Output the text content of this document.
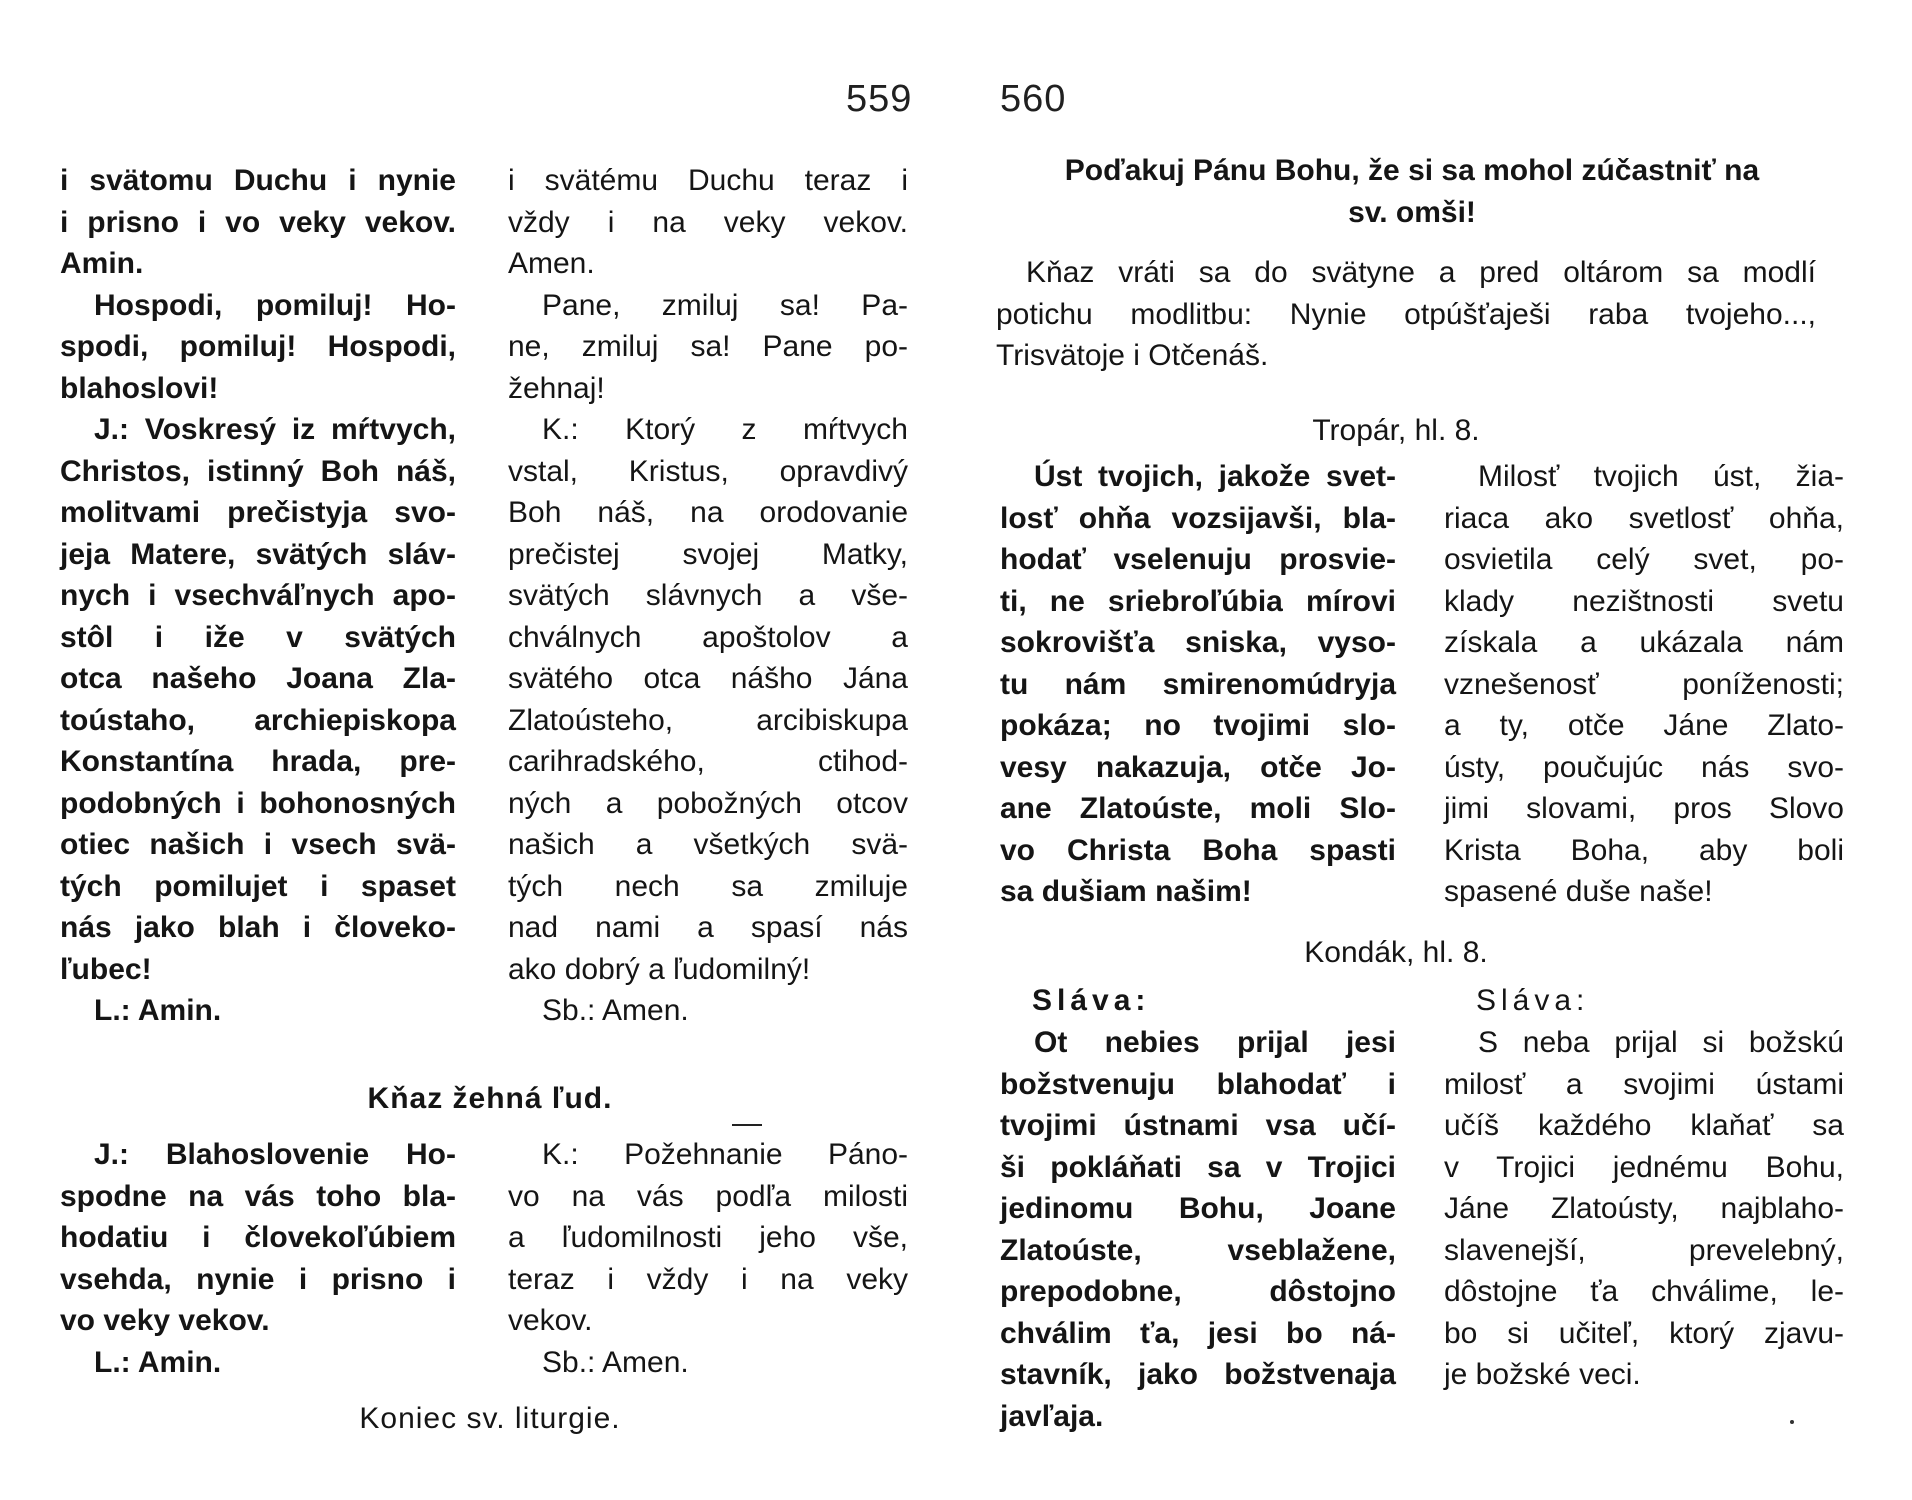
559
i svätomu Duchu i nynie
i prisno i vo veky vekov.
Amin.
Hospodi, pomiluj! Ho-
spodi, pomiluj! Hospodi,
blahoslovi!
J.: Voskresý iz mŕtvych,
Christos, istinný Boh náš,
molitvami prečistyja svo-
jeja Matere, svätých sláv-
nych i vsechváľnych apo-
stôl i iže v svätých
otca našeho Joana Zla-
toústaho, archiepiskopa
Konstantína hrada, pre-
podobných i bohonosných
otiec našich i vsech svä-
tých pomilujet i spaset
nás jako blah i človeko-
ľubec!
L.: Amin.
i svätému Duchu teraz i
vždy i na veky vekov.
Amen.
Pane, zmiluj sa! Pa-
ne, zmiluj sa! Pane po-
žehnaj!
K.: Ktorý z mŕtvych
vstal, Kristus, opravdivý
Boh náš, na orodovanie
prečistej svojej Matky,
svätých slávnych a vše-
chválnych apoštolov a
svätého otca nášho Jána
Zlatoústeho, arcibiskupa
carihradského, ctihod-
ných a pobožných otcov
našich a všetkých svä-
tých nech sa zmiluje
nad nami a spasí nás
ako dobrý a ľudomilný!
Sb.: Amen.
Kňaz žehná ľud.
J.: Blahoslovenie Ho-
spodne na vás toho bla-
hodatiu i človekoľúbiem
vsehda, nynie i prisno i
vo veky vekov.
L.: Amin.
K.: Požehnanie Páno-
vo na vás podľa milosti
a ľudomilnosti jeho vše,
teraz i vždy i na veky
vekov.
Sb.: Amen.
Koniec sv. liturgie.
560
Poďakuj Pánu Bohu, že si sa mohol zúčastniť na
sv. omši!
Kňaz vráti sa do svätyne a pred oltárom sa modlí
potichu modlitbu: Nynie otpúšťaješi raba tvojeho...,
Trisvätoje i Otčenáš.
Tropár, hl. 8.
Úst tvojich, jakože svet-
losť ohňa vozsijavši, bla-
hodať vselenuju prosvie-
ti, ne sriebroľúbia mírovi
sokrovišťa sniska, vyso-
tu nám smirenomúdryja
pokáza; no tvojimi slo-
vesy nakazuja, otče Jo-
ane Zlatoúste, moli Slo-
vo Christa Boha spasti
sa dušiam našim!
Milosť tvojich úst, žia-
riaca ako svetlosť ohňa,
osvietila celý svet, po-
klady nezištnosti svetu
získala a ukázala nám
vznešenosť poníženosti;
a ty, otče Jáne Zlato-
ústy, poučujúc nás svo-
jimi slovami, pros Slovo
Krista Boha, aby boli
spasené duše naše!
Kondák, hl. 8.
Sláva:	Sláva:
Ot nebies prijal jesi
božstvenuju blahodať i
tvojimi ústnami vsa učí-
ši pokláňati sa v Trojici
jedinomu Bohu, Joane
Zlatoúste, vseblažene,
prepodobne, dôstojno
chválim ťa, jesi bo ná-
stavník, jako božstvenaja
javľaja.
S neba prijal si božskú
milosť a svojimi ústami
učíš každého klaňať sa
v Trojici jednému Bohu,
Jáne Zlatoústy, najblaho-
slavenejší, prevelebný,
dôstojne ťa chválime, le-
bo si učiteľ, ktorý zjavu-
je božské veci.
